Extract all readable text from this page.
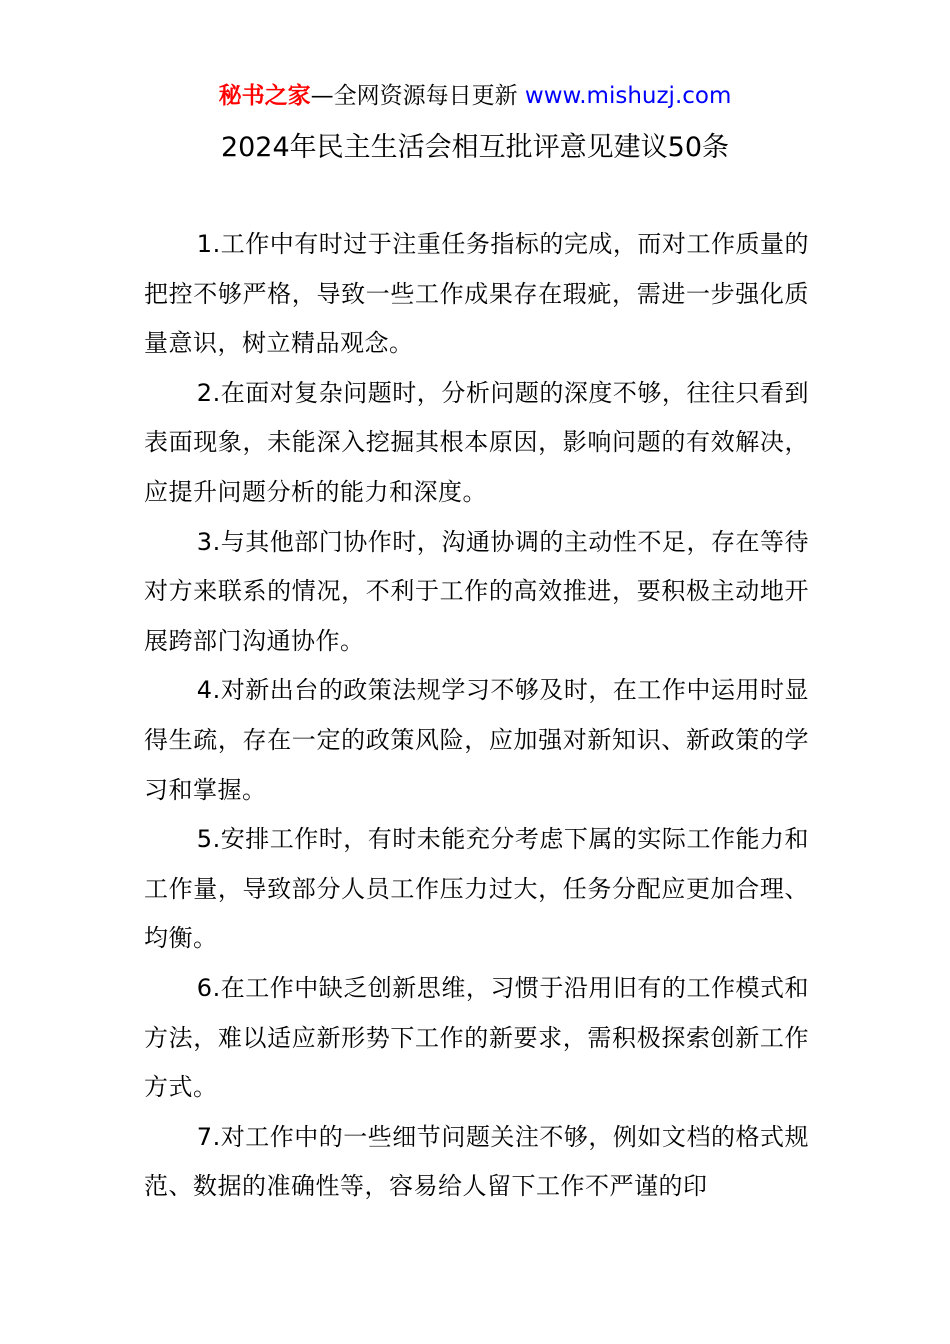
秘书之家—全网资源每日更新 www.mishuzj.com
2024年民主生活会相互批评意见建议50条

1.工作中有时过于注重任务指标的完成，而对工作质量的把控不够严格，导致一些工作成果存在瑕疵，需进一步强化质量意识，树立精品观念。

2.在面对复杂问题时，分析问题的深度不够，往往只看到表面现象，未能深入挖掘其根本原因，影响问题的有效解决，应提升问题分析的能力和深度。

3.与其他部门协作时，沟通协调的主动性不足，存在等待对方来联系的情况，不利于工作的高效推进，要积极主动地开展跨部门沟通协作。

4.对新出台的政策法规学习不够及时，在工作中运用时显得生疏，存在一定的政策风险，应加强对新知识、新政策的学习和掌握。

5.安排工作时，有时未能充分考虑下属的实际工作能力和工作量，导致部分人员工作压力过大，任务分配应更加合理、均衡。

6.在工作中缺乏创新思维，习惯于沿用旧有的工作模式和方法，难以适应新形势下工作的新要求，需积极探索创新工作方式。

7.对工作中的一些细节问题关注不够，例如文档的格式规范、数据的准确性等，容易给人留下工作不严谨的印
